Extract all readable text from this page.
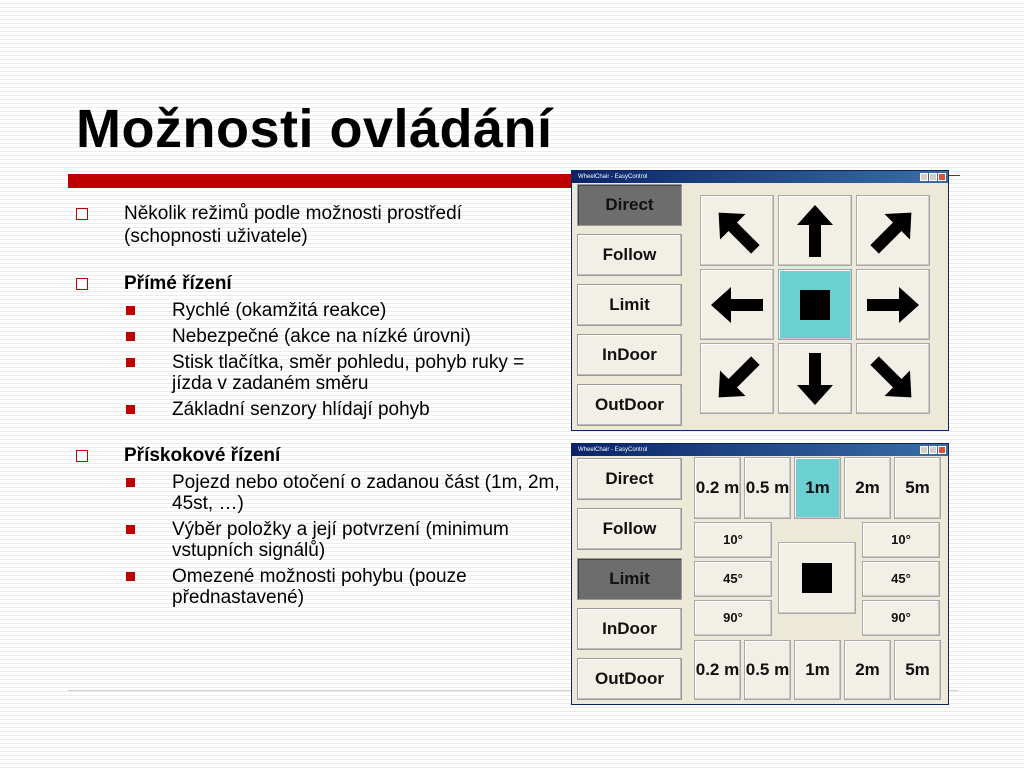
Možnosti ovládání
Několik režimů podle možnosti prostředí (schopnosti uživatele)
Přímé řízení
Rychlé (okamžitá reakce)
Nebezpečné (akce na nízké úrovni)
Stisk tlačítka, směr pohledu, pohyb ruky = jízda v zadaném směru
Základní senzory hlídají pohyb
Přískokové řízení
Pojezd nebo otočení o zadanou část (1m, 2m, 45st, …)
Výběr položky a její potvrzení (minimum vstupních signálů)
Omezené možnosti pohybu (pouze přednastavené)
WheelChair - EasyControl
Direct
Follow
Limit
InDoor
OutDoor
WheelChair - EasyControl
Direct
Follow
Limit
InDoor
OutDoor
0.2 m 0.5 m 1m	2m	5m
10°
45°
90°
10°
45°
90°
0.2 m 0.5 m 1m	2m	5m
